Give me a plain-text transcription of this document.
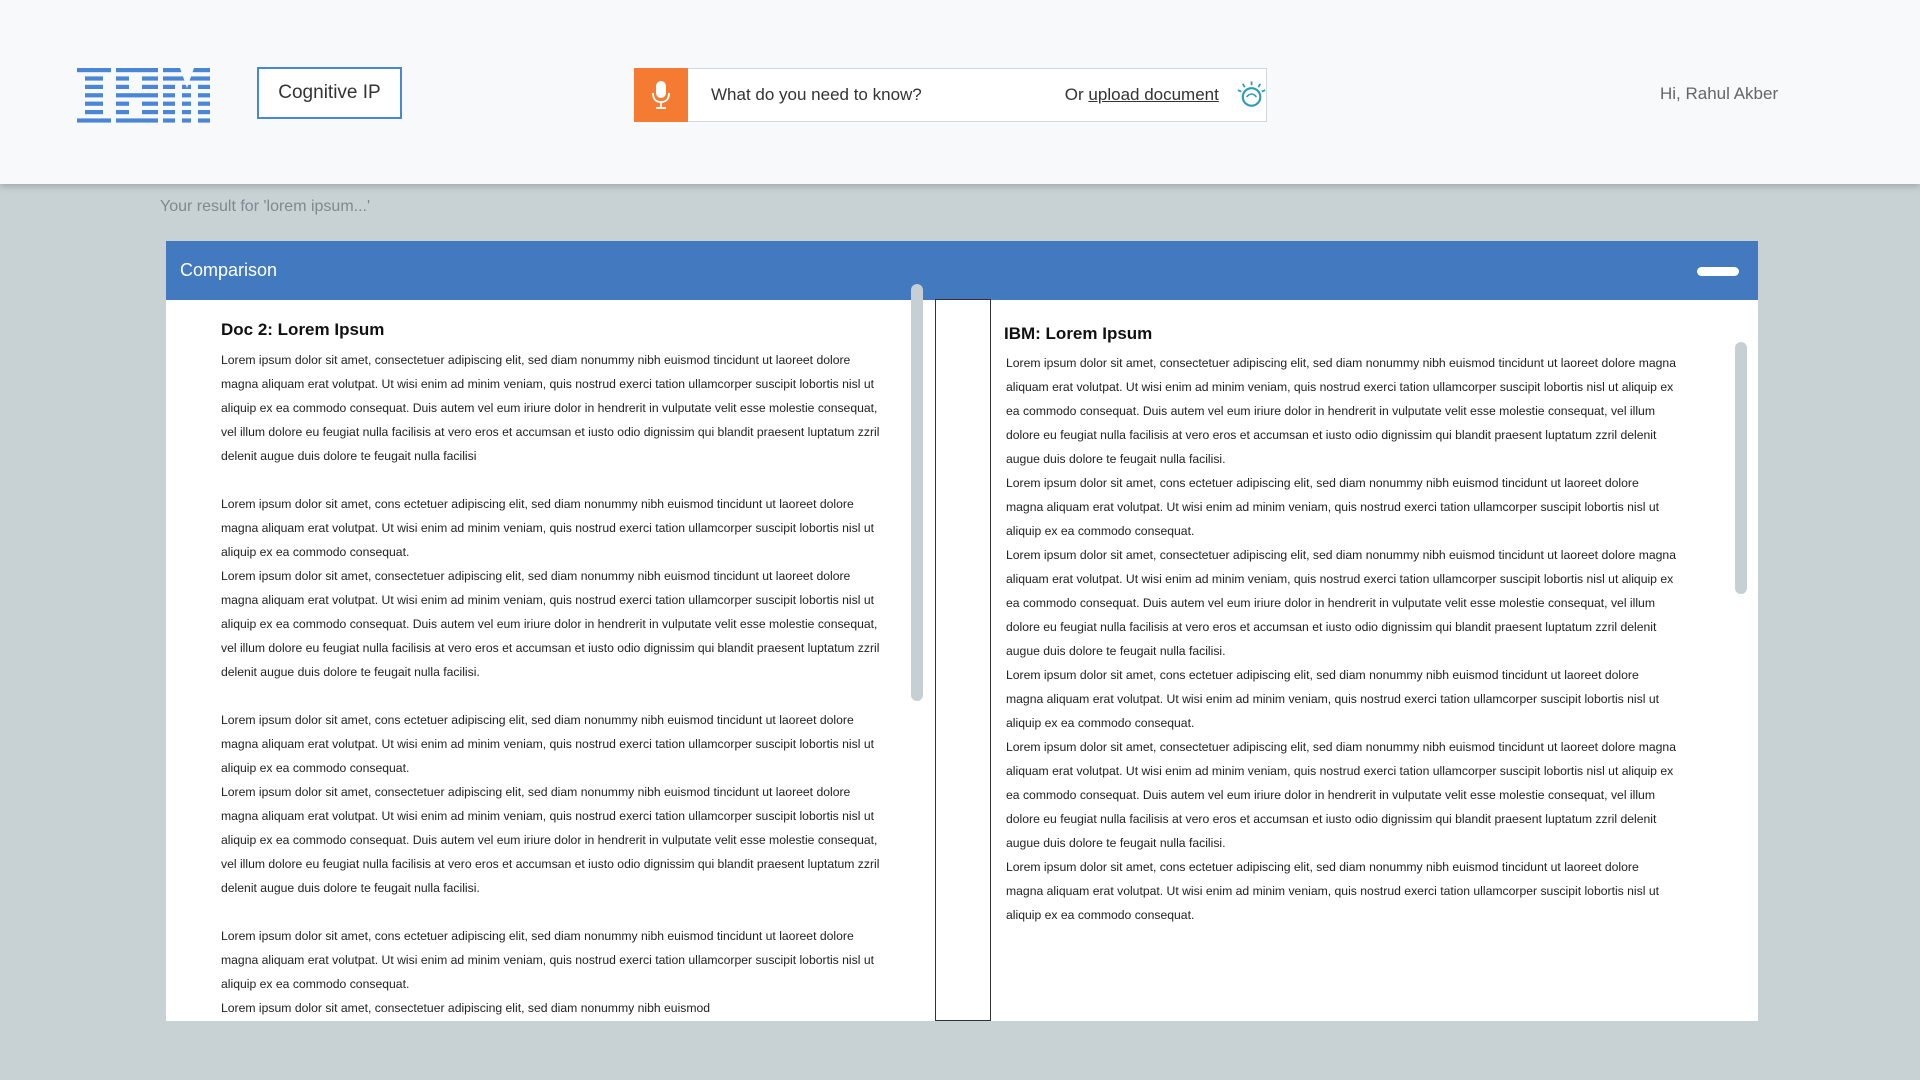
Cognitive IP
What do you need to know?	Or upload document	Hi, Rahul Akber
Your result for 'lorem ipsum...'
Comparison
Doc 2: Lorem Ipsum

Lorem ipsum dolor sit amet, consectetuer adipiscing elit, sed diam nonummy nibh euismod tincidunt ut laoreet dolore magna aliquam erat volutpat. Ut wisi enim ad minim veniam, quis nostrud exerci tation ullamcorper suscipit lobortis nisl ut aliquip ex ea commodo consequat. Duis autem vel eum iriure dolor in hendrerit in vulputate velit esse molestie consequat, vel illum dolore eu feugiat nulla facilisis at vero eros et accumsan et iusto odio dignissim qui blandit praesent luptatum zzril delenit augue duis dolore te feugait nulla facilisi

Lorem ipsum dolor sit amet, cons ectetuer adipiscing elit, sed diam nonummy nibh euismod tincidunt ut laoreet dolore magna aliquam erat volutpat. Ut wisi enim ad minim veniam, quis nostrud exerci tation ullamcorper suscipit lobortis nisl ut aliquip ex ea commodo consequat.

Lorem ipsum dolor sit amet, consectetuer adipiscing elit, sed diam nonummy nibh euismod tincidunt ut laoreet dolore magna aliquam erat volutpat. Ut wisi enim ad minim veniam, quis nostrud exerci tation ullamcorper suscipit lobortis nisl ut aliquip ex ea commodo consequat. Duis autem vel eum iriure dolor in hendrerit in vulputate velit esse molestie consequat, vel illum dolore eu feugiat nulla facilisis at vero eros et accumsan et iusto odio dignissim qui blandit praesent luptatum zzril delenit augue duis dolore te feugait nulla facilisi.

Lorem ipsum dolor sit amet, cons ectetuer adipiscing elit, sed diam nonummy nibh euismod tincidunt ut laoreet dolore magna aliquam erat volutpat. Ut wisi enim ad minim veniam, quis nostrud exerci tation ullamcorper suscipit lobortis nisl ut aliquip ex ea commodo consequat.

Lorem ipsum dolor sit amet, consectetuer adipiscing elit, sed diam nonummy nibh euismod tincidunt ut laoreet dolore magna aliquam erat volutpat. Ut wisi enim ad minim veniam, quis nostrud exerci tation ullamcorper suscipit lobortis nisl ut aliquip ex ea commodo consequat. Duis autem vel eum iriure dolor in hendrerit in vulputate velit esse molestie consequat, vel illum dolore eu feugiat nulla facilisis at vero eros et accumsan et iusto odio dignissim qui blandit praesent luptatum zzril delenit augue duis dolore te feugait nulla facilisi.

Lorem ipsum dolor sit amet, cons ectetuer adipiscing elit, sed diam nonummy nibh euismod tincidunt ut laoreet dolore magna aliquam erat volutpat. Ut wisi enim ad minim veniam, quis nostrud exerci tation ullamcorper suscipit lobortis nisl ut aliquip ex ea commodo consequat.

Lorem ipsum dolor sit amet, consectetuer adipiscing elit, sed diam nonummy nibh euismod

IBM: Lorem Ipsum

Lorem ipsum dolor sit amet, consectetuer adipiscing elit, sed diam nonummy nibh euismod tincidunt ut laoreet dolore magna aliquam erat volutpat. Ut wisi enim ad minim veniam, quis nostrud exerci tation ullamcorper suscipit lobortis nisl ut aliquip ex ea commodo consequat. Duis autem vel eum iriure dolor in hendrerit in vulputate velit esse molestie consequat, vel illum dolore eu feugiat nulla facilisis at vero eros et accumsan et iusto odio dignissim qui blandit praesent luptatum zzril delenit augue duis dolore te feugait nulla facilisi.

Lorem ipsum dolor sit amet, cons ectetuer adipiscing elit, sed diam nonummy nibh euismod tincidunt ut laoreet dolore magna aliquam erat volutpat. Ut wisi enim ad minim veniam, quis nostrud exerci tation ullamcorper suscipit lobortis nisl ut aliquip ex ea commodo consequat.

Lorem ipsum dolor sit amet, consectetuer adipiscing elit, sed diam nonummy nibh euismod tincidunt ut laoreet dolore magna aliquam erat volutpat. Ut wisi enim ad minim veniam, quis nostrud exerci tation ullamcorper suscipit lobortis nisl ut aliquip ex ea commodo consequat. Duis autem vel eum iriure dolor in hendrerit in vulputate velit esse molestie consequat, vel illum dolore eu feugiat nulla facilisis at vero eros et accumsan et iusto odio dignissim qui blandit praesent luptatum zzril delenit augue duis dolore te feugait nulla facilisi.

Lorem ipsum dolor sit amet, cons ectetuer adipiscing elit, sed diam nonummy nibh euismod tincidunt ut laoreet dolore magna aliquam erat volutpat. Ut wisi enim ad minim veniam, quis nostrud exerci tation ullamcorper suscipit lobortis nisl ut aliquip ex ea commodo consequat.

Lorem ipsum dolor sit amet, consectetuer adipiscing elit, sed diam nonummy nibh euismod tincidunt ut laoreet dolore magna aliquam erat volutpat. Ut wisi enim ad minim veniam, quis nostrud exerci tation ullamcorper suscipit lobortis nisl ut aliquip ex ea commodo consequat. Duis autem vel eum iriure dolor in hendrerit in vulputate velit esse molestie consequat, vel illum dolore eu feugiat nulla facilisis at vero eros et accumsan et iusto odio dignissim qui blandit praesent luptatum zzril delenit augue duis dolore te feugait nulla facilisi.

Lorem ipsum dolor sit amet, cons ectetuer adipiscing elit, sed diam nonummy nibh euismod tincidunt ut laoreet dolore magna aliquam erat volutpat. Ut wisi enim ad minim veniam, quis nostrud exerci tation ullamcorper suscipit lobortis nisl ut aliquip ex ea commodo consequat.
